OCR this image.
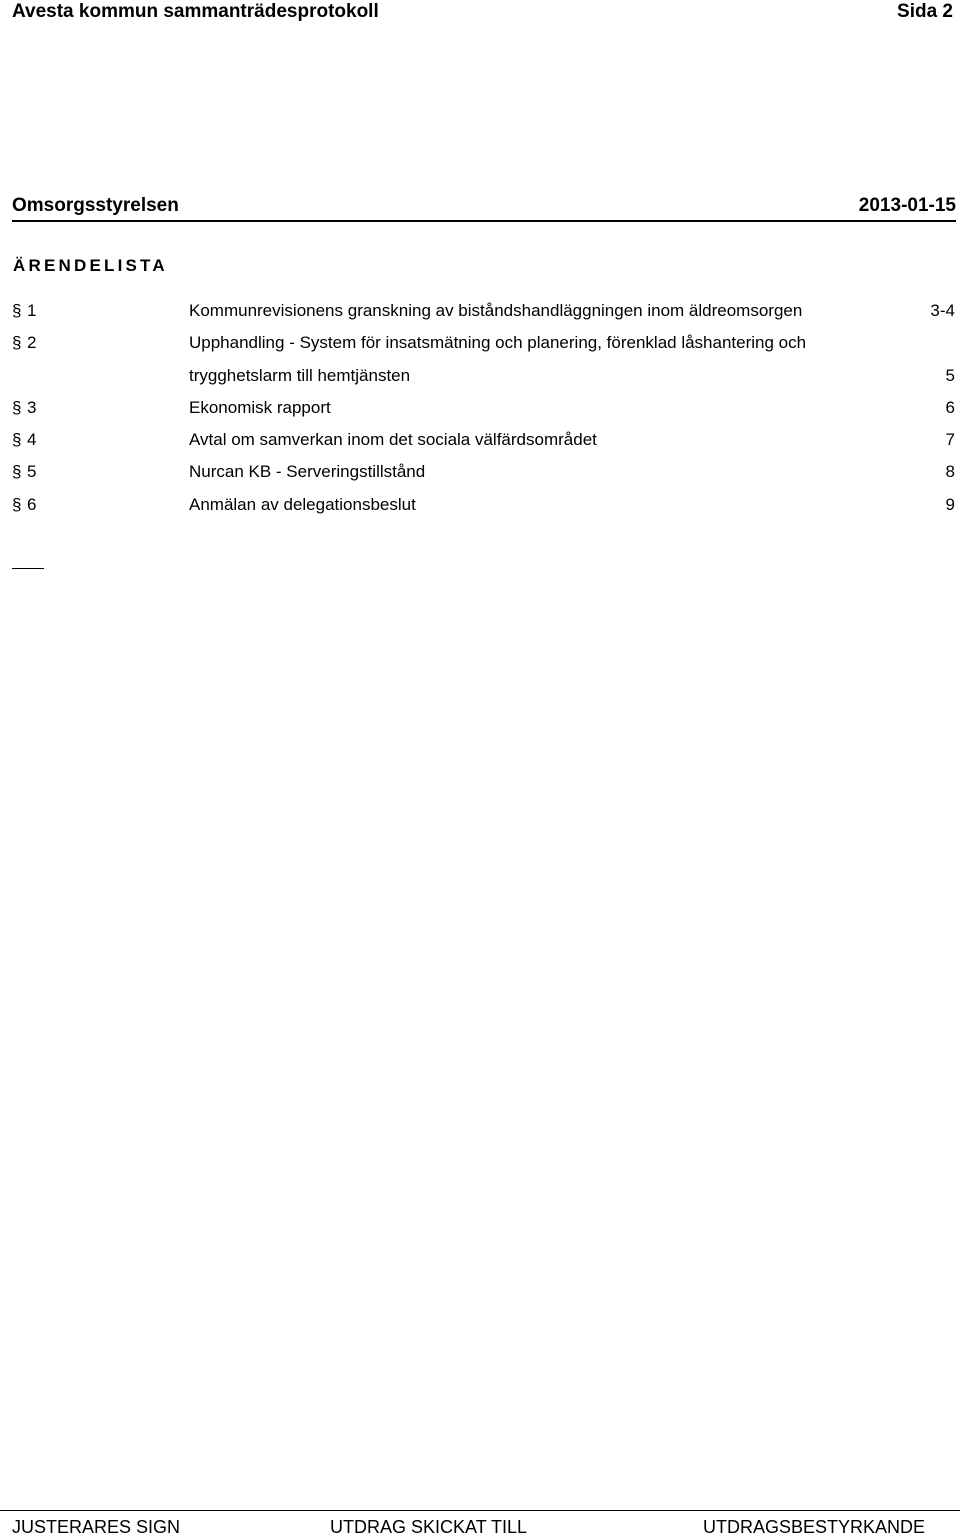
Avesta kommun sammanträdesprotokoll	Sida 2
Omsorgsstyrelsen	2013-01-15
ÄRENDELISTA
§ 1	Kommunrevisionens granskning av biståndshandläggningen inom äldreomsorgen	3-4
§ 2	Upphandling - System för insatsmätning och planering, förenklad låshantering och trygghetslarm till hemtjänsten	5
§ 3	Ekonomisk rapport	6
§ 4	Avtal om samverkan inom det sociala välfärdsområdet	7
§ 5	Nurcan KB - Serveringstillstånd	8
§ 6	Anmälan av delegationsbeslut	9
JUSTERARES SIGN	UTDRAG SKICKAT TILL	UTDRAGSBESTYRKANDE
